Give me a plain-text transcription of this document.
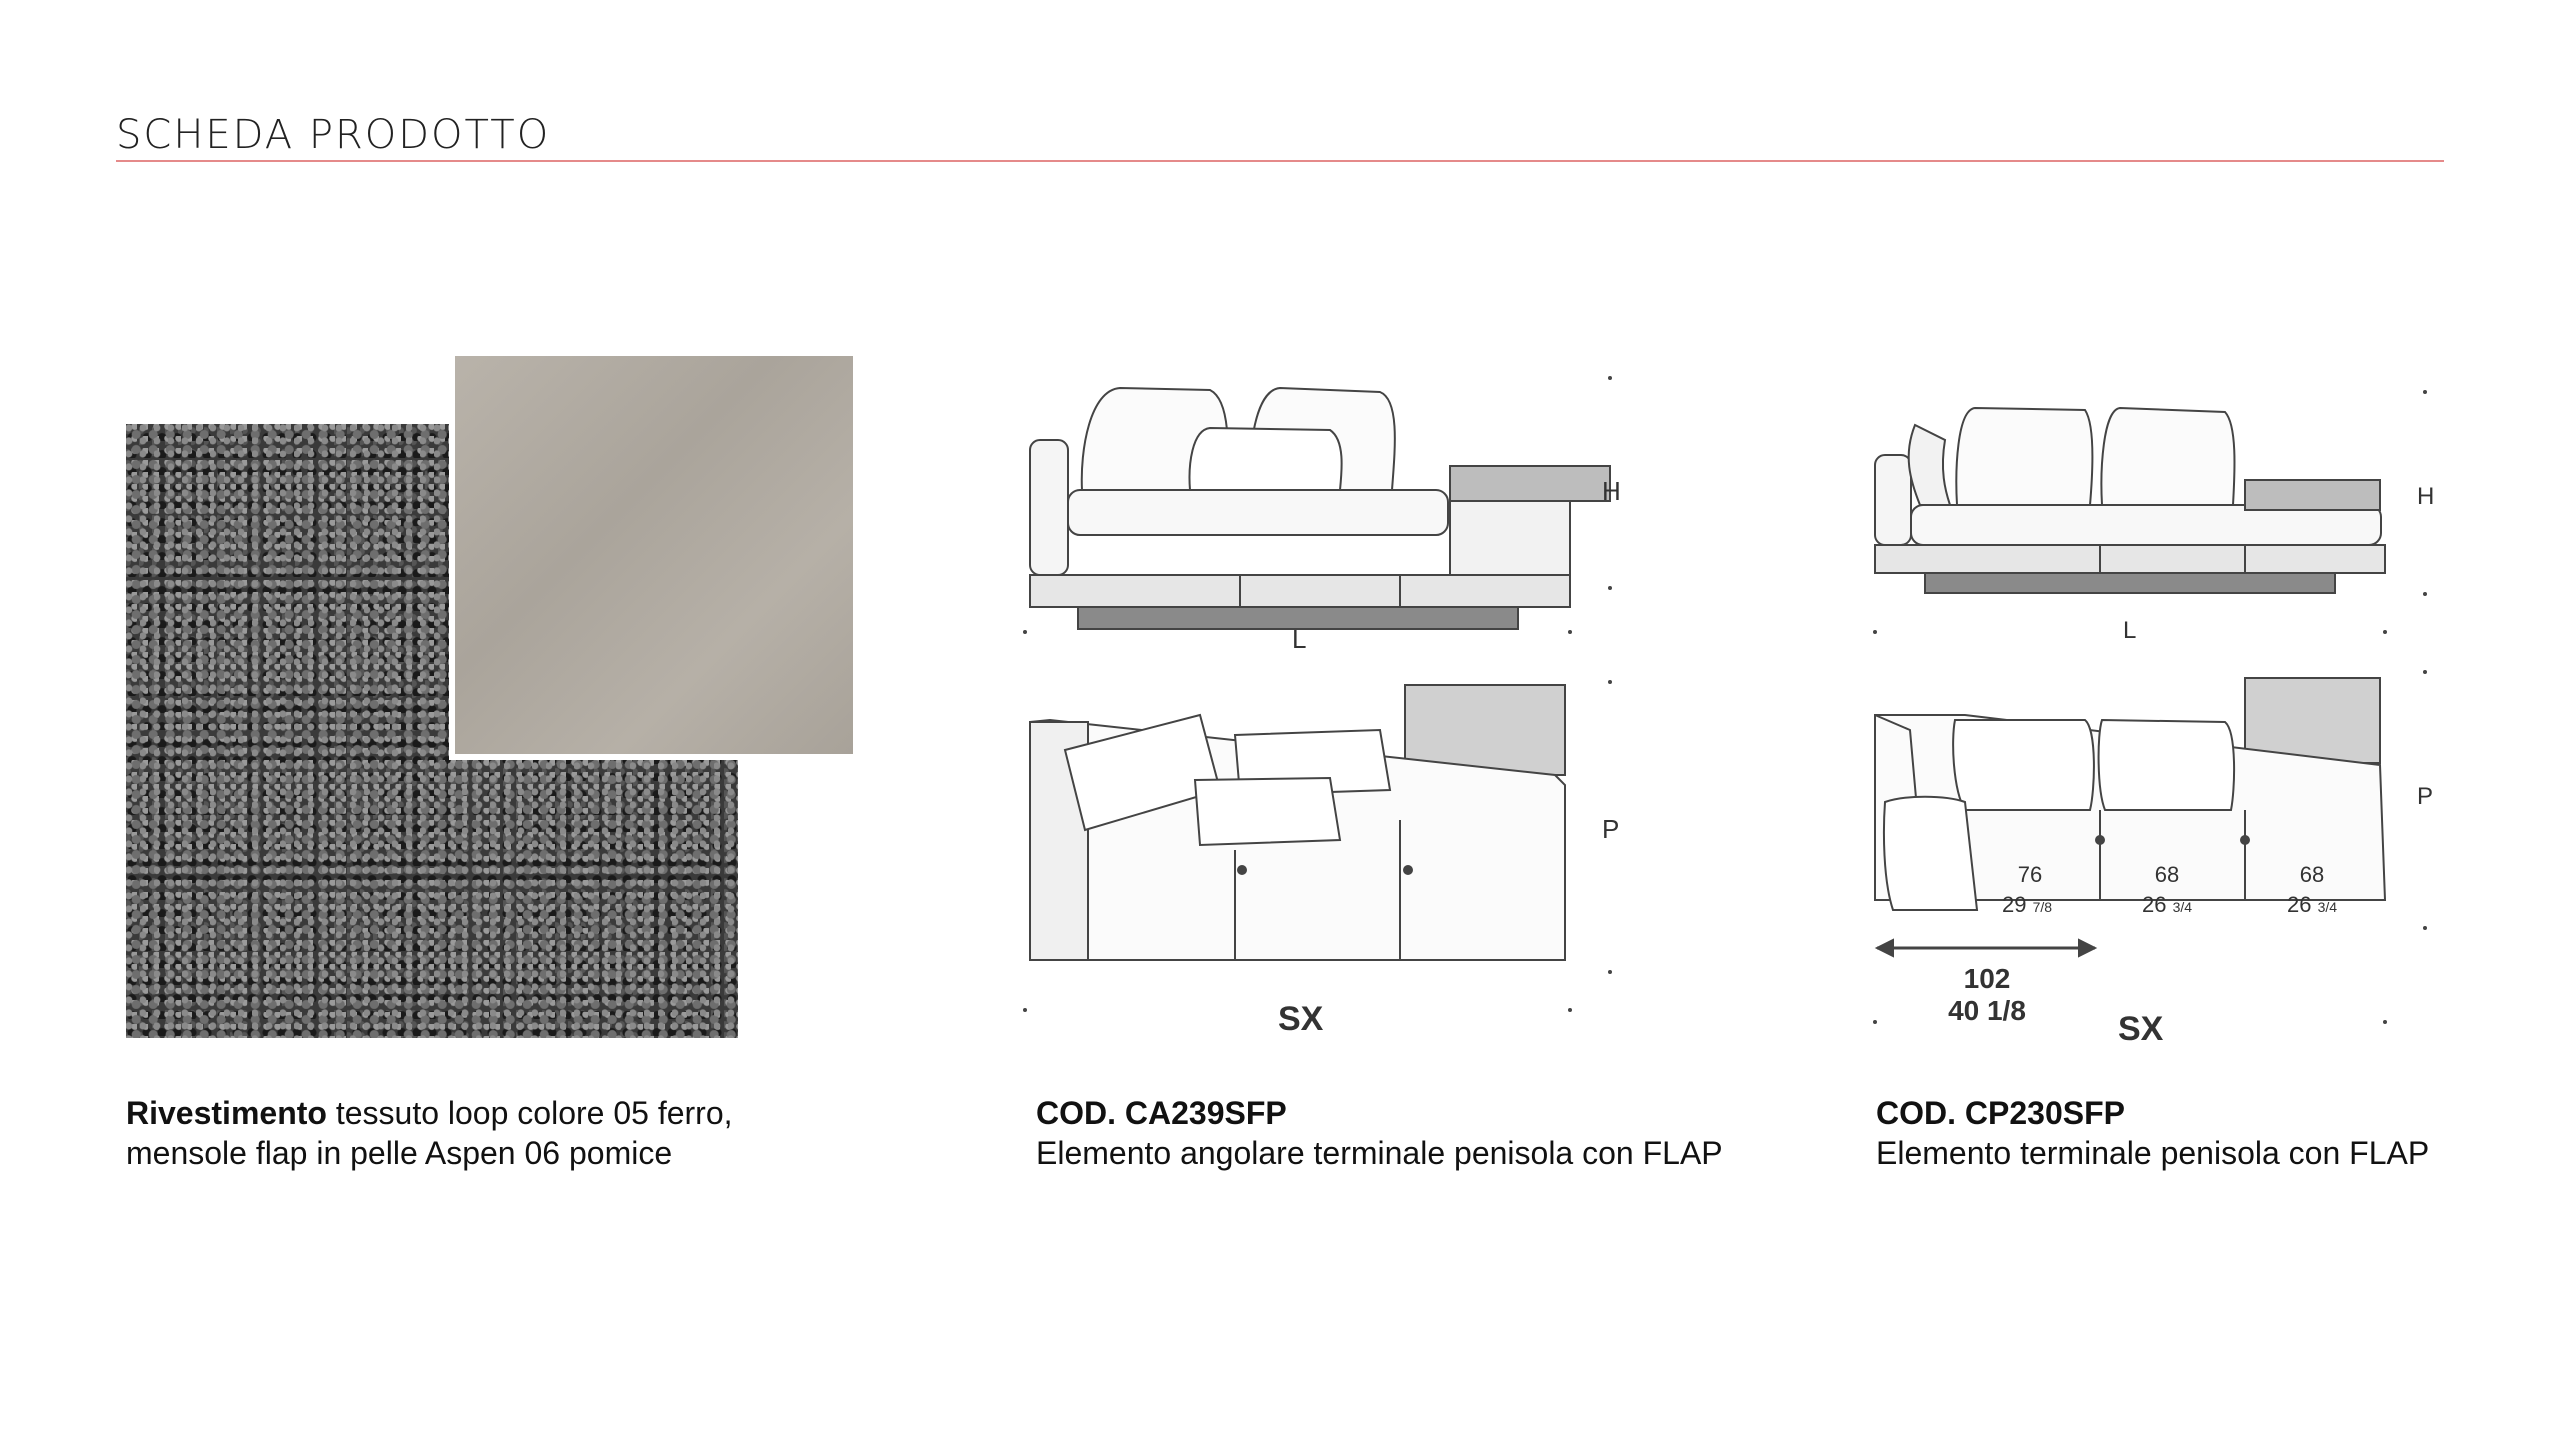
SCHEDA PRODOTTO
H
L
P
SX
H
L
P
76
29 7/8
68
26 3/4
68
26 3/4
102
40 1/8	SX
Rivestimento tessuto loop colore 05 ferro,
mensole flap in pelle Aspen 06 pomice
COD. CA239SFP
Elemento angolare terminale penisola con FLAP
COD. CP230SFP
Elemento terminale penisola con FLAP
